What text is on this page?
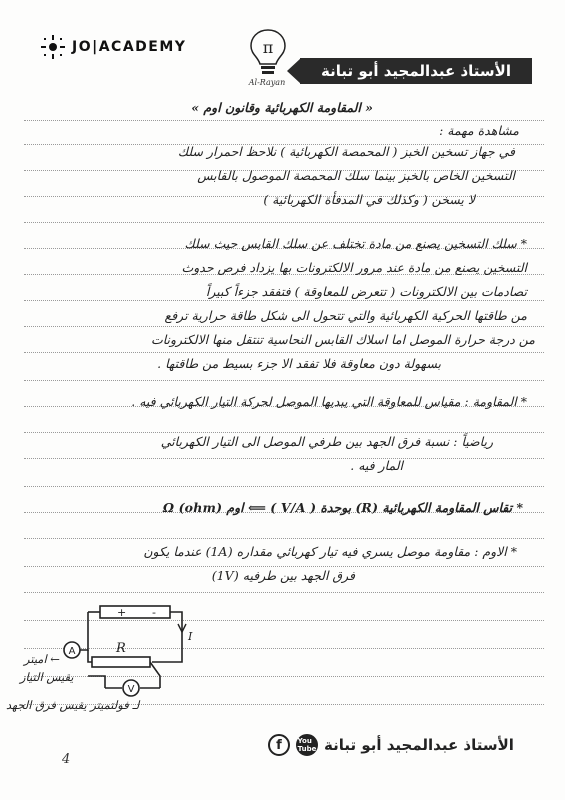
JO|ACADEMY	π
Al-Rayan
الأستاذ عبدالمجيد أبو تبانة
« المقاومة الكهربائية وقانون اوم »
مشاهدة مهمة :
في جهاز تسخين الخبز ( المحمصة الكهربائية ) نلاحظ احمرار سلك
التسخين الخاص بالخبز بينما سلك المحمصة الموصول بالقابس
لا يسخن ( وكذلك في المدفأة الكهربائية )
* سلك التسخين يصنع من مادة تختلف عن سلك القابس حيث سلك
التسخين يصنع من مادة عند مرور الالكترونات بها يزداد فرص حدوث
تصادمات بين الالكترونات ( تتعرض للمعاوقة ) فتفقد جزءاً كبيراً
من طاقتها الحركية الكهربائية والتي تتحول الى شكل طاقة حرارية ترفع
من درجة حرارة الموصل اما اسلاك القابس النحاسية تنتقل منها الالكترونات
بسهولة دون معاوقة فلا تفقد الا جزء بسيط من طاقتها .
* المقاومة : مقياس للمعاوقة التي يبديها الموصل لحركة التيار الكهربائي فيه .
رياضياً : نسبة فرق الجهد بين طرفي الموصل الى التيار الكهربائي
المار فيه .
* تقاس المقاومة الكهربائية (R) بوحدة ( V/A ) ⟸ اوم (ohm) Ω
* الاوم : مقاومة موصل يسري فيه تيار كهربائي مقداره (1A) عندما يكون
فرق الجهد بين طرفيه (1V)
+ -
R
A
V
I
← اميتر
يقيس التيار
لـ فولتميتر يقيس فرق الجهد
f	You Tube الأستاذ عبدالمجيد أبو تبانة
4
